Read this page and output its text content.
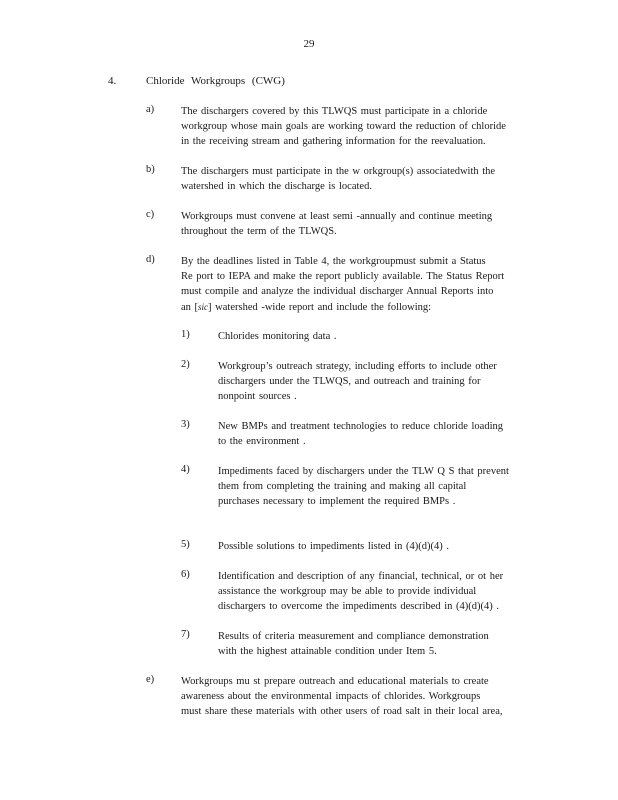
29
4.	Chloride Workgroups (CWG)
a)	The dischargers covered by this TLWQS must participate in a chloride
workgroup whose main goals are working toward the reduction of chloride
in the receiving stream and gathering information for the reevaluation.
b)	The dischargers must participate in the w orkgroup(s) associatedwith the
watershed in which the discharge is located.
c)	Workgroups must convene at least semi -annually and continue meeting
throughout the term of the TLWQS.
d)	By the deadlines listed in Table 4, the workgroupmust submit a Status
Re port to IEPA and make the report publicly available. The Status Report
must compile and analyze the individual discharger Annual Reports into
an [sic] watershed -wide report and include the following:
1)	Chlorides monitoring data .
2)	Workgroup’s outreach strategy, including efforts to include other
dischargers under the TLWQS, and outreach and training for
nonpoint sources .
3)	New BMPs and treatment technologies to reduce chloride loading
to the environment .
4)	Impediments faced by dischargers under the TLW Q S that prevent
them from completing the training and making all capital
purchases necessary to implement the required BMPs .
5)	Possible solutions to impediments listed in (4)(d)(4) .
6)	Identification and description of any financial, technical, or ot her
assistance the workgroup may be able to provide individual
dischargers to overcome the impediments described in (4)(d)(4) .
7)	Results of criteria measurement and compliance demonstration
with the highest attainable condition under Item 5.
e)	Workgroups mu st prepare outreach and educational materials to create
awareness about the environmental impacts of chlorides. Workgroups
must share these materials with other users of road salt in their local area,
